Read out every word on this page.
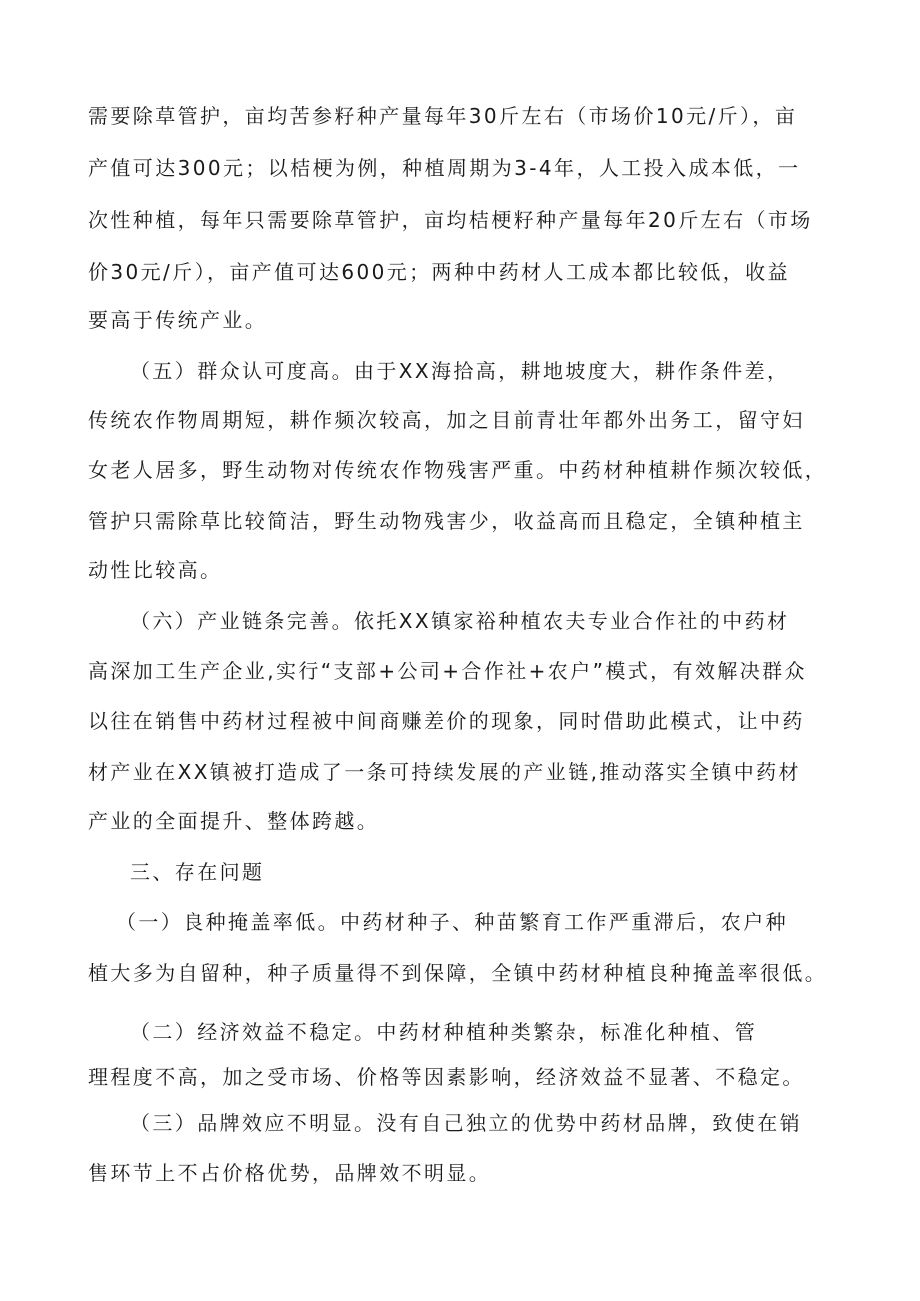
需要除草管护，亩均苦参籽种产量每年30斤左右（市场价10元/斤），亩
产值可达300元；以桔梗为例，种植周期为3-4年，人工投入成本低，一
次性种植，每年只需要除草管护，亩均桔梗籽种产量每年20斤左右（市场
价30元/斤），亩产值可达600元；两种中药材人工成本都比较低，收益
要高于传统产业。
（五）群众认可度高。由于XX海拾高，耕地坡度大，耕作条件差，
传统农作物周期短，耕作频次较高，加之目前青壮年都外出务工，留守妇
女老人居多，野生动物对传统农作物残害严重。中药材种植耕作频次较低，
管护只需除草比较简洁，野生动物残害少，收益高而且稳定，全镇种植主
动性比较高。
（六）产业链条完善。依托XX镇家裕种植农夫专业合作社的中药材
高深加工生产企业,实行“支部+公司+合作社+农户”模式，有效解决群众
以往在销售中药材过程被中间商赚差价的现象，同时借助此模式，让中药
材产业在XX镇被打造成了一条可持续发展的产业链,推动落实全镇中药材
产业的全面提升、整体跨越。
三、存在问题
（一）良种掩盖率低。中药材种子、种苗繁育工作严重滞后，农户种
植大多为自留种，种子质量得不到保障，全镇中药材种植良种掩盖率很低。
（二）经济效益不稳定。中药材种植种类繁杂，标准化种植、管
理程度不高，加之受市场、价格等因素影响，经济效益不显著、不稳定。
（三）品牌效应不明显。没有自己独立的优势中药材品牌，致使在销
售环节上不占价格优势，品牌效不明显。
